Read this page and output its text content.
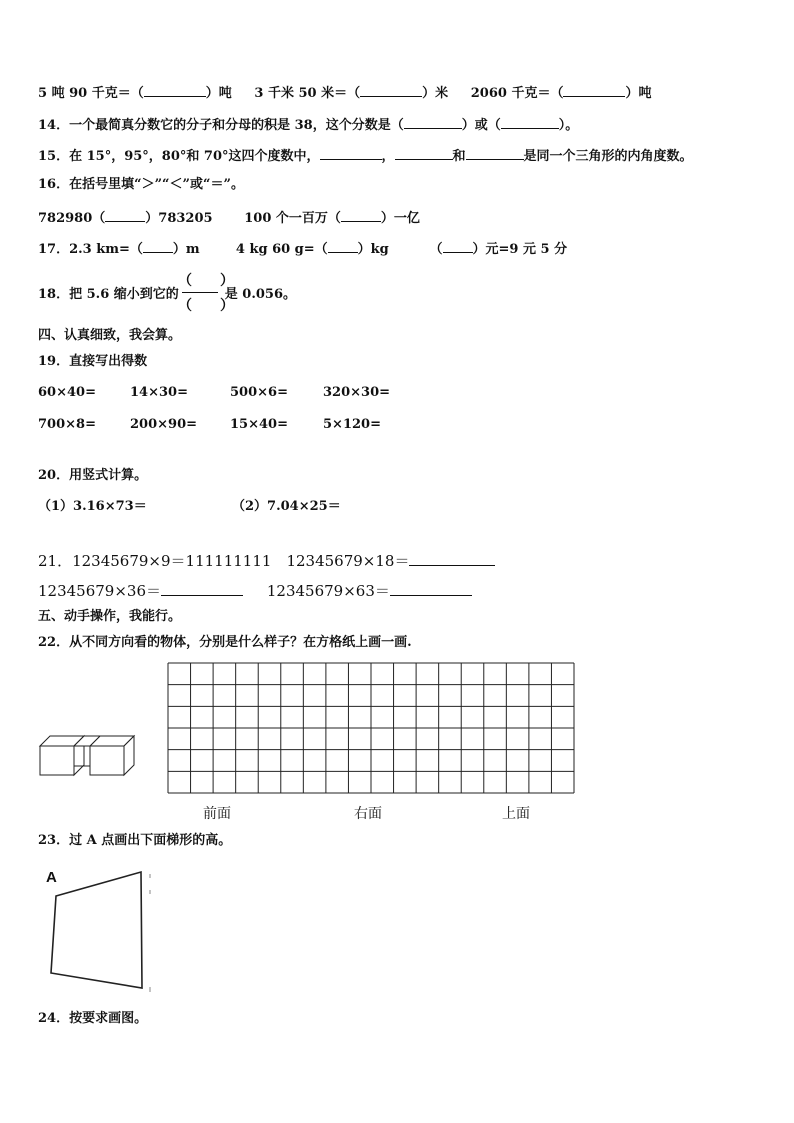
5 吨 90 千克＝（	）吨 3 千米 50 米＝（	）米 2060 千克＝（	）吨
14．一个最简真分数它的分子和分母的积是 38，这个分数是（	）或（	）。
15．在 15°，95°，80°和 70°这四个度数中，	，	和	是同一个三角形的内角度数。
16．在括号里填“＞”“＜”或“＝”。
782980（	）783205 100 个一百万（	）一亿
17．2.3 km=（ ）m	4 kg 60 g=（ ）kg	（ ）元=9 元 5 分
18．把 5.6 缩小到它的	是 0.056。
（　　）
（　　）
四、认真细致，我会算。
19．直接写出得数
60×40=	14×30=	500×6=	320×30=
700×8=	200×90=	15×40=	5×120=
20．用竖式计算。
（1）3.16×73＝	（2）7.04×25＝
21．12345679×9＝111111111　12345679×18＝
12345679×36＝	12345679×63＝
五、动手操作，我能行。
22．从不同方向看的物体，分别是什么样子？在方格纸上画一画.
前面	右面	上面
23．过 A 点画出下面梯形的高。
A
24．按要求画图。
